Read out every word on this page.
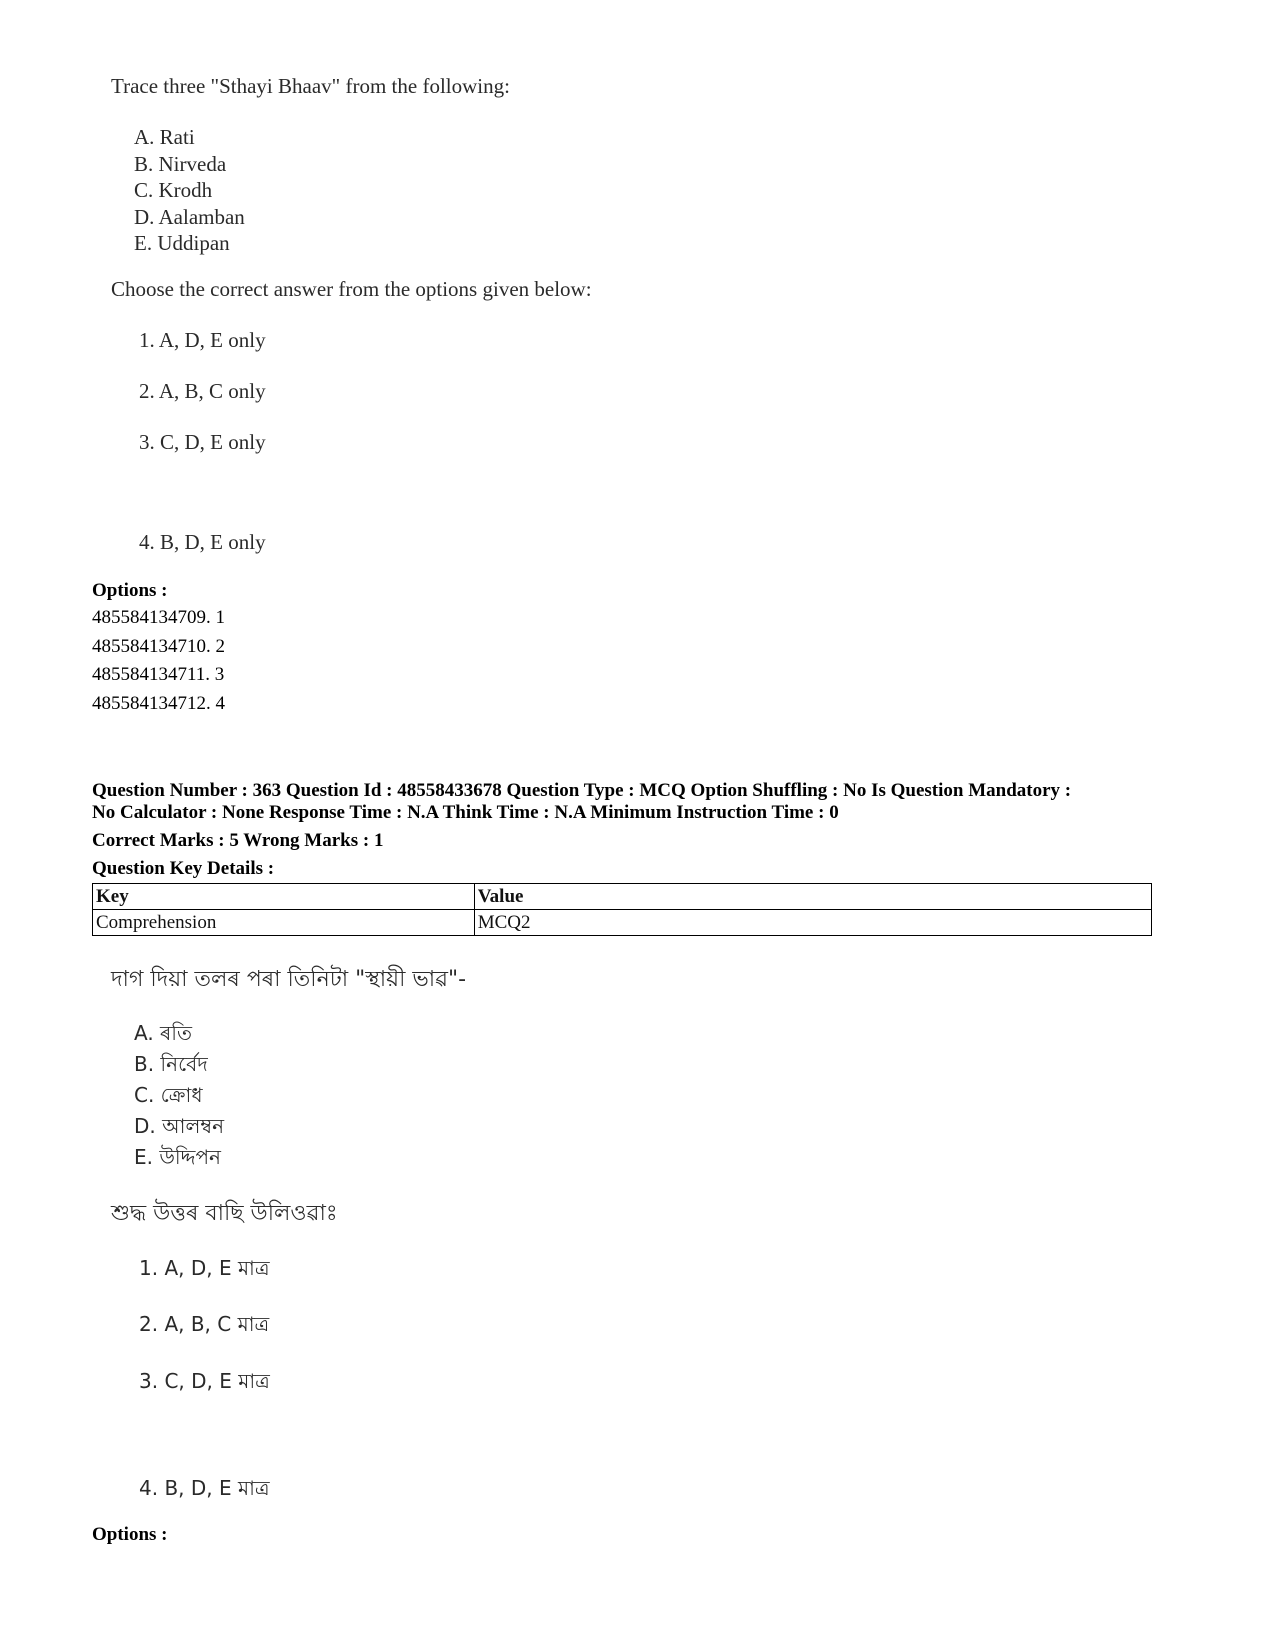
Trace three "Sthayi Bhaav" from the following:
A. Rati
B. Nirveda
C. Krodh
D. Aalamban
E. Uddipan
Choose the correct answer from the options given below:
1. A, D, E only
2. A, B, C only
3. C, D, E only
4. B, D, E only
Options :
485584134709. 1
485584134710. 2
485584134711. 3
485584134712. 4
Question Number : 363 Question Id : 48558433678 Question Type : MCQ Option Shuffling : No Is Question Mandatory :
No Calculator : None Response Time : N.A Think Time : N.A Minimum Instruction Time : 0
Correct Marks : 5 Wrong Marks : 1
Question Key Details :
Key	Value
Comprehension	MCQ2
দাগ দিয়া তলৰ পৰা তিনিটা "স্থায়ী ভাৱ"-
A. ৰতি
B. নির্বেদ
C. ক্রোধ
D. আলম্বন
E. উদ্দিপন
শুদ্ধ উত্তৰ বাছি উলিওৱাঃ
1. A, D, E মাত্র
2. A, B, C মাত্র
3. C, D, E মাত্র
4. B, D, E মাত্র
Options :
